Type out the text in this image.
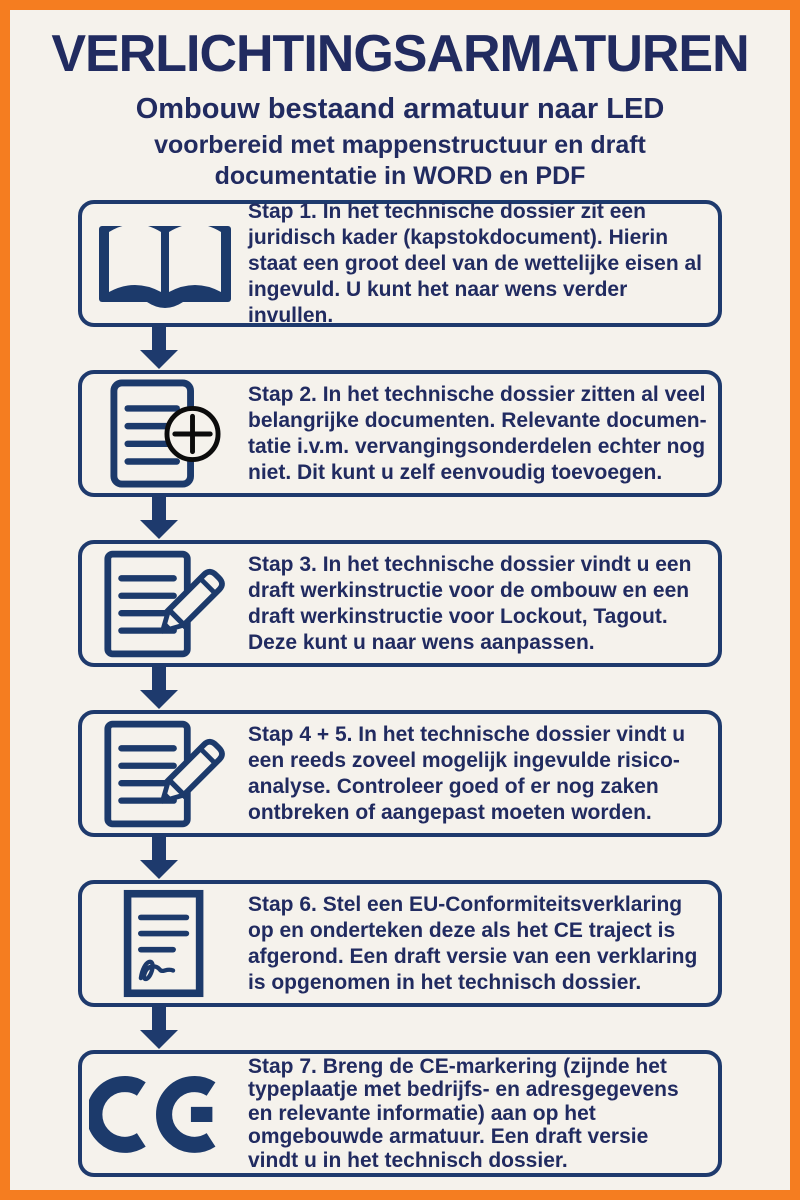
VERLICHTINGSARMATUREN
Ombouw bestaand armatuur naar LED
voorbereid met mappenstructuur en draft
documentatie in WORD en PDF
Stap 1. In het technische dossier zit een
juridisch kader (kapstokdocument). Hierin
staat een groot deel van de wettelijke eisen al
ingevuld. U kunt het naar wens verder invullen.
Stap 2. In het technische dossier zitten al veel
belangrijke documenten. Relevante documen-
tatie i.v.m. vervangingsonderdelen echter nog
niet. Dit kunt u zelf eenvoudig toevoegen.
Stap 3. In het technische dossier vindt u een
draft werkinstructie voor de ombouw en een
draft werkinstructie voor Lockout, Tagout.
Deze kunt u naar wens aanpassen.
Stap 4 + 5. In het technische dossier vindt u
een reeds zoveel mogelijk ingevulde risico-
analyse. Controleer goed of er nog zaken
ontbreken of aangepast moeten worden.
Stap 6. Stel een EU-Conformiteitsverklaring
op en onderteken deze als het CE traject is
afgerond. Een draft versie van een verklaring
is opgenomen in het technisch dossier.
Stap 7. Breng de CE-markering (zijnde het
typeplaatje met bedrijfs- en adresgegevens
en relevante informatie) aan op het
omgebouwde armatuur. Een draft versie
vindt u in het technisch dossier.
